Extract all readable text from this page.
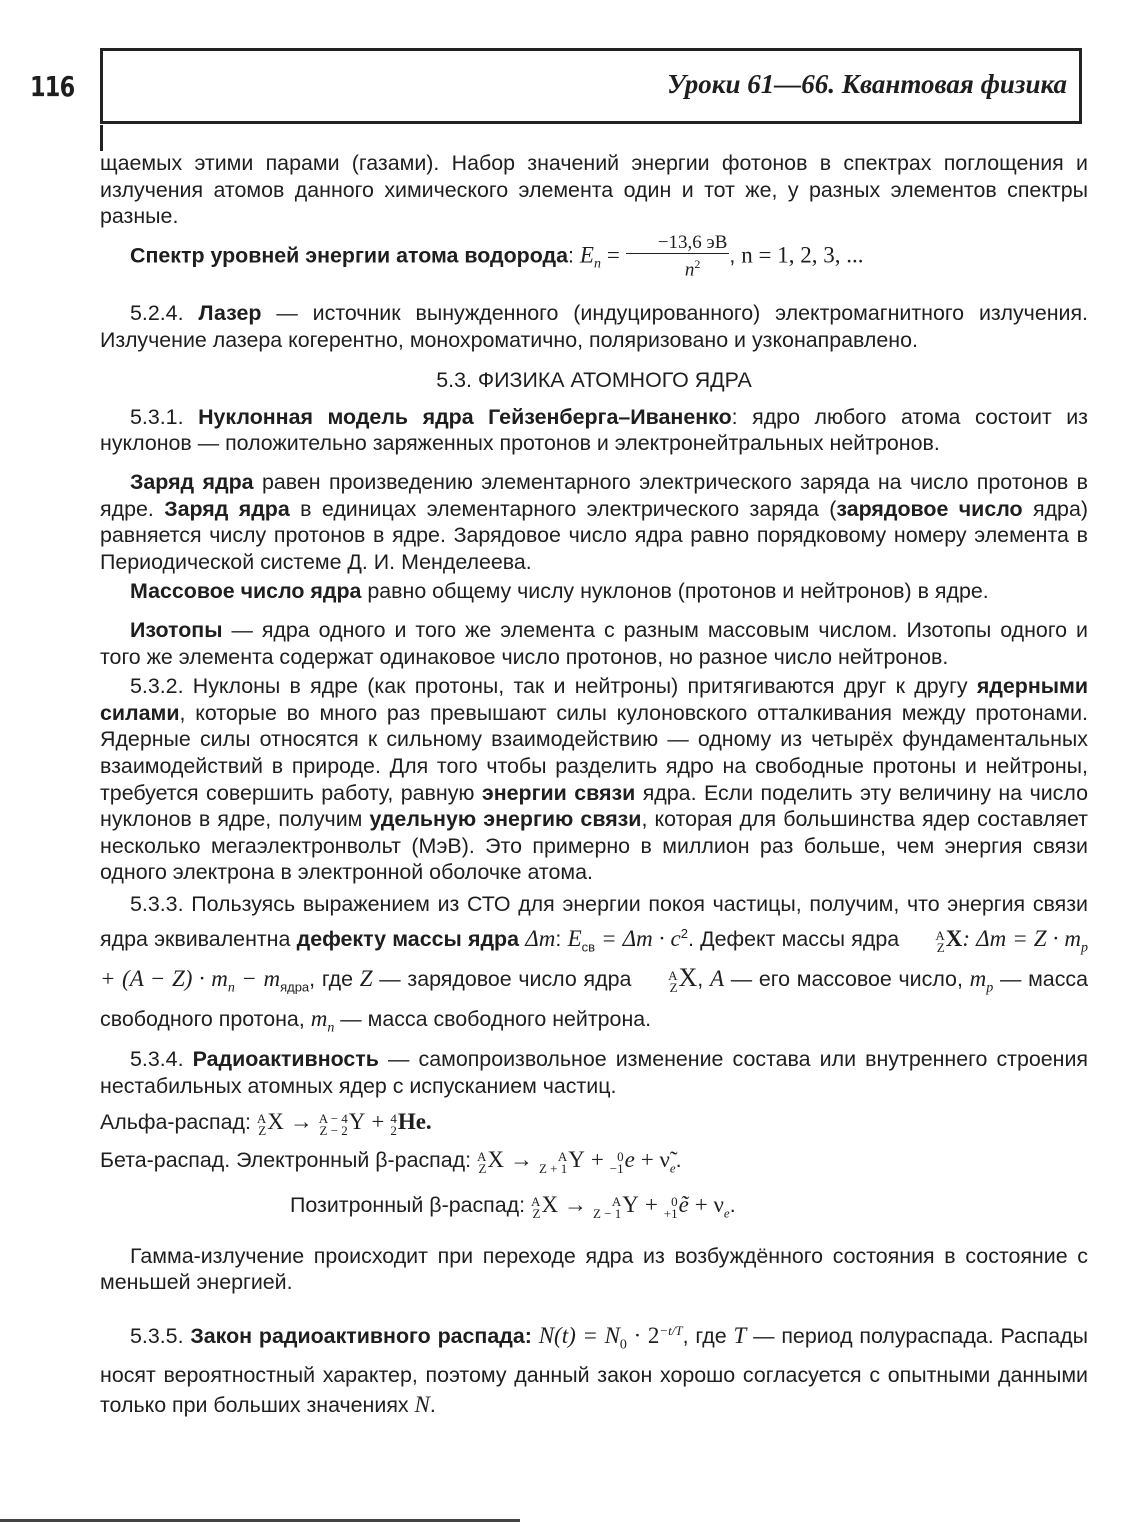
116	Уроки 61—66. Квантовая физика

щаемых этими парами (газами). Набор значений энергии фотонов в спектрах поглощения и излучения атомов данного химического элемента один и тот же, у разных элементов спектры разные.

Спектр уровней энергии атома водорода: $E_n = \frac{-13,6 эВ}{n^2}$ , n = 1, 2, 3, ...

5.2.4. Лазер — источник вынужденного (индуцированного) электромагнитного излучения. Излучение лазера когерентно, монохроматично, поляризовано и узконаправлено.

5.3. ФИЗИКА АТОМНОГО ЯДРА

5.3.1. Нуклонная модель ядра Гейзенберга–Иваненко: ядро любого атома состоит из нуклонов — положительно заряженных протонов и электронейтральных нейтронов.

Заряд ядра равен произведению элементарного электрического заряда на число протонов в ядре. Заряд ядра в единицах элементарного электрического заряда (зарядовое число ядра) равняется числу протонов в ядре. Зарядовое число ядра равно порядковому номеру элемента в Периодической системе Д. И. Менделеева.

Массовое число ядра равно общему числу нуклонов (протонов и нейтронов) в ядре.

Изотопы — ядра одного и того же элемента с разным массовым числом. Изотопы одного и того же элемента содержат одинаковое число протонов, но разное число нейтронов.

5.3.2. Нуклоны в ядре (как протоны, так и нейтроны) притягиваются друг к другу ядерными силами, которые во много раз превышают силы кулоновского отталкивания между протонами. Ядерные силы относятся к сильному взаимодействию — одному из четырёх фундаментальных взаимодействий в природе. Для того чтобы разделить ядро на свободные протоны и нейтроны, требуется совершить работу, равную энергии связи ядра. Если поделить эту величину на число нуклонов в ядре, получим удельную энергию связи, которая для большинства ядер составляет несколько мегаэлектронвольт (МэВ). Это примерно в миллион раз больше, чем энергия связи одного электрона в электронной оболочке атома.

5.3.3. Пользуясь выражением из СТО для энергии покоя частицы, получим, что энергия связи ядра эквивалентна дефекту массы ядра Δm: $E_{св} = \Delta m \cdot c^2$. Дефект массы ядра	A
Z X: $\Delta m = Z \cdot m_p + (A - Z) \cdot m_n - m_{ядра}$, где Z — зарядовое число ядра	A
Z X, A — его массовое число, $m_p$ — масса свободного протона, $m_n$ — масса свободного нейтрона.

5.3.4. Радиоактивность — самопроизвольное изменение состава или внутреннего строения нестабильных атомных ядер с испусканием частиц.

Альфа-распад: A
Z X → A − 4
Z − 2 Y + 4
2 He.

Бета-распад. Электронный β-распад: A
Z X →	A
Z + 1 Y +	0
−1 $e + \nũ_e$.

Позитронный β-распад: A
Z X →	A
Z − 1 Y +	0
+1 ẽ + $\nu_e$.

Гамма-излучение происходит при переходе ядра из возбуждённого состояния в состояние с меньшей энергией.

5.3.5. Закон радиоактивного распада: $N(t) = N_0 \cdot 2^{-t/T}$, где T — период полураспада. Распады носят вероятностный характер, поэтому данный закон хорошо согласуется с опытными данными только при больших значениях N.
